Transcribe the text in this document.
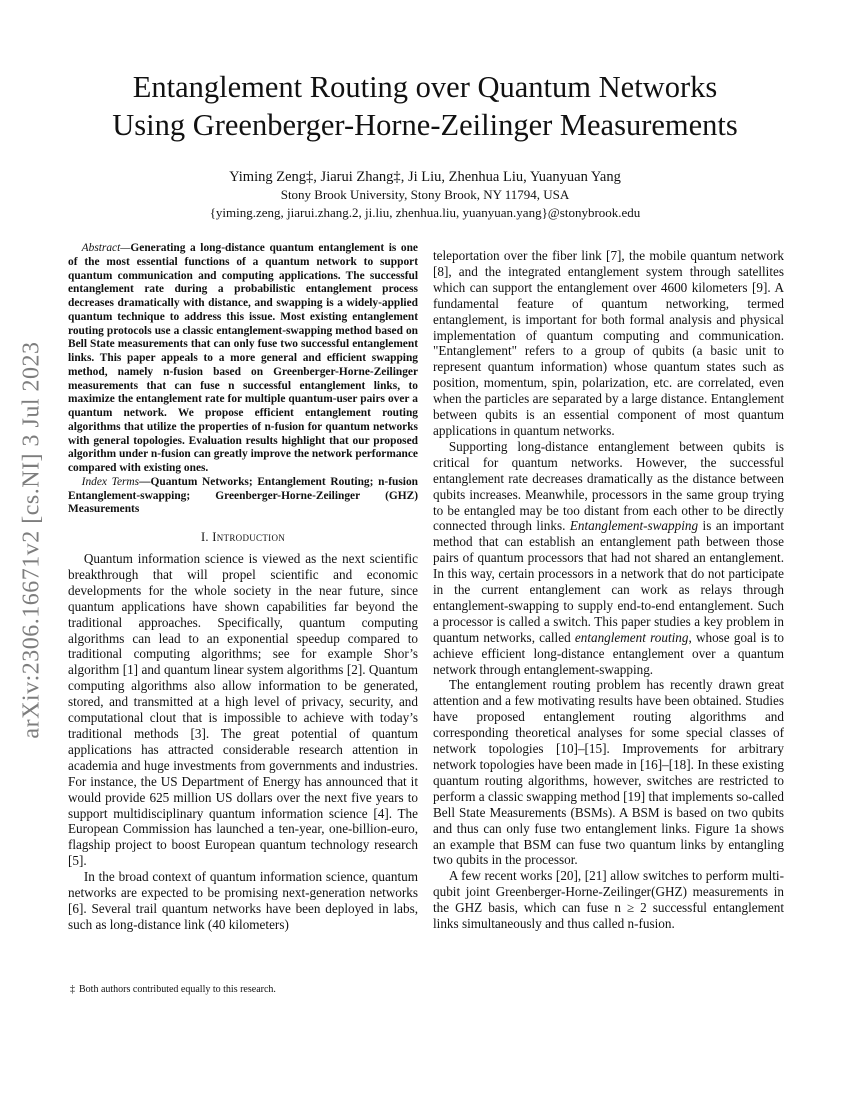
arXiv:2306.16671v2 [cs.NI] 3 Jul 2023
Entanglement Routing over Quantum Networks
Using Greenberger-Horne-Zeilinger Measurements
Yiming Zeng‡ , Jiarui Zhang‡ , Ji Liu , Zhenhua Liu , Yuanyuan Yang
Stony Brook University, Stony Brook, NY 11794, USA
{yiming.zeng, jiarui.zhang.2, ji.liu, zhenhua.liu, yuanyuan.yang}@stonybrook.edu

Abstract—Generating a long-distance quantum entanglement is one of the most essential functions of a quantum network to support quantum communication and computing applications. The successful entanglement rate during a probabilistic entanglement process decreases dramatically with distance, and swapping is a widely-applied quantum technique to address this issue. Most existing entanglement routing protocols use a classic entanglement-swapping method based on Bell State measurements that can only fuse two successful entanglement links. This paper appeals to a more general and efficient swapping method, namely n-fusion based on Greenberger-Horne-Zeilinger measurements that can fuse n successful entanglement links, to maximize the entanglement rate for multiple quantum-user pairs over a quantum network. We propose efficient entanglement routing algorithms that utilize the properties of n-fusion for quantum networks with general topologies. Evaluation results highlight that our proposed algorithm under n-fusion can greatly improve the network performance compared with existing ones.

Index Terms—Quantum Networks; Entanglement Routing; n-fusion Entanglement-swapping; Greenberger-Horne-Zeilinger (GHZ) Measurements

I. Introduction

Quantum information science is viewed as the next scientific breakthrough that will propel scientific and economic developments for the whole society in the near future, since quantum applications have shown capabilities far beyond the traditional approaches. Specifically, quantum computing algorithms can lead to an exponential speedup compared to traditional computing algorithms; see for example Shor’s algorithm [1] and quantum linear system algorithms [2]. Quantum computing algorithms also allow information to be generated, stored, and transmitted at a high level of privacy, security, and computational clout that is impossible to achieve with today’s traditional methods [3]. The great potential of quantum applications has attracted considerable research attention in academia and huge investments from governments and industries. For instance, the US Department of Energy has announced that it would provide 625 million US dollars over the next five years to support multidisciplinary quantum information science [4]. The European Commission has launched a ten-year, one-billion-euro, flagship project to boost European quantum technology research [5].

In the broad context of quantum information science, quantum networks are expected to be promising next-generation networks [6]. Several trail quantum networks have been deployed in labs, such as long-distance link (40 kilometers)

teleportation over the fiber link [7], the mobile quantum network [8], and the integrated entanglement system through satellites which can support the entanglement over 4600 kilometers [9]. A fundamental feature of quantum networking, termed entanglement, is important for both formal analysis and physical implementation of quantum computing and communication. "Entanglement" refers to a group of qubits (a basic unit to represent quantum information) whose quantum states such as position, momentum, spin, polarization, etc. are correlated, even when the particles are separated by a large distance. Entanglement between qubits is an essential component of most quantum applications in quantum networks.

Supporting long-distance entanglement between qubits is critical for quantum networks. However, the successful entanglement rate decreases dramatically as the distance between qubits increases. Meanwhile, processors in the same group trying to be entangled may be too distant from each other to be directly connected through links. Entanglement-swapping is an important method that can establish an entanglement path between those pairs of quantum processors that had not shared an entanglement. In this way, certain processors in a network that do not participate in the current entanglement can work as relays through entanglement-swapping to supply end-to-end entanglement. Such a processor is called a switch. This paper studies a key problem in quantum networks, called entanglement routing, whose goal is to achieve efficient long-distance entanglement over a quantum network through entanglement-swapping.

The entanglement routing problem has recently drawn great attention and a few motivating results have been obtained. Studies have proposed entanglement routing algorithms and corresponding theoretical analyses for some special classes of network topologies [10]–[15]. Improvements for arbitrary network topologies have been made in [16]–[18]. In these existing quantum routing algorithms, however, switches are restricted to perform a classic swapping method [19] that implements so-called Bell State Measurements (BSMs). A BSM is based on two qubits and thus can only fuse two entanglement links. Figure 1a shows an example that BSM can fuse two quantum links by entangling two qubits in the processor.

A few recent works [20], [21] allow switches to perform multi-qubit joint Greenberger-Horne-Zeilinger(GHZ) measurements in the GHZ basis, which can fuse n ≥ 2 successful entanglement links simultaneously and thus called n-fusion.

‡ Both authors contributed equally to this research.
